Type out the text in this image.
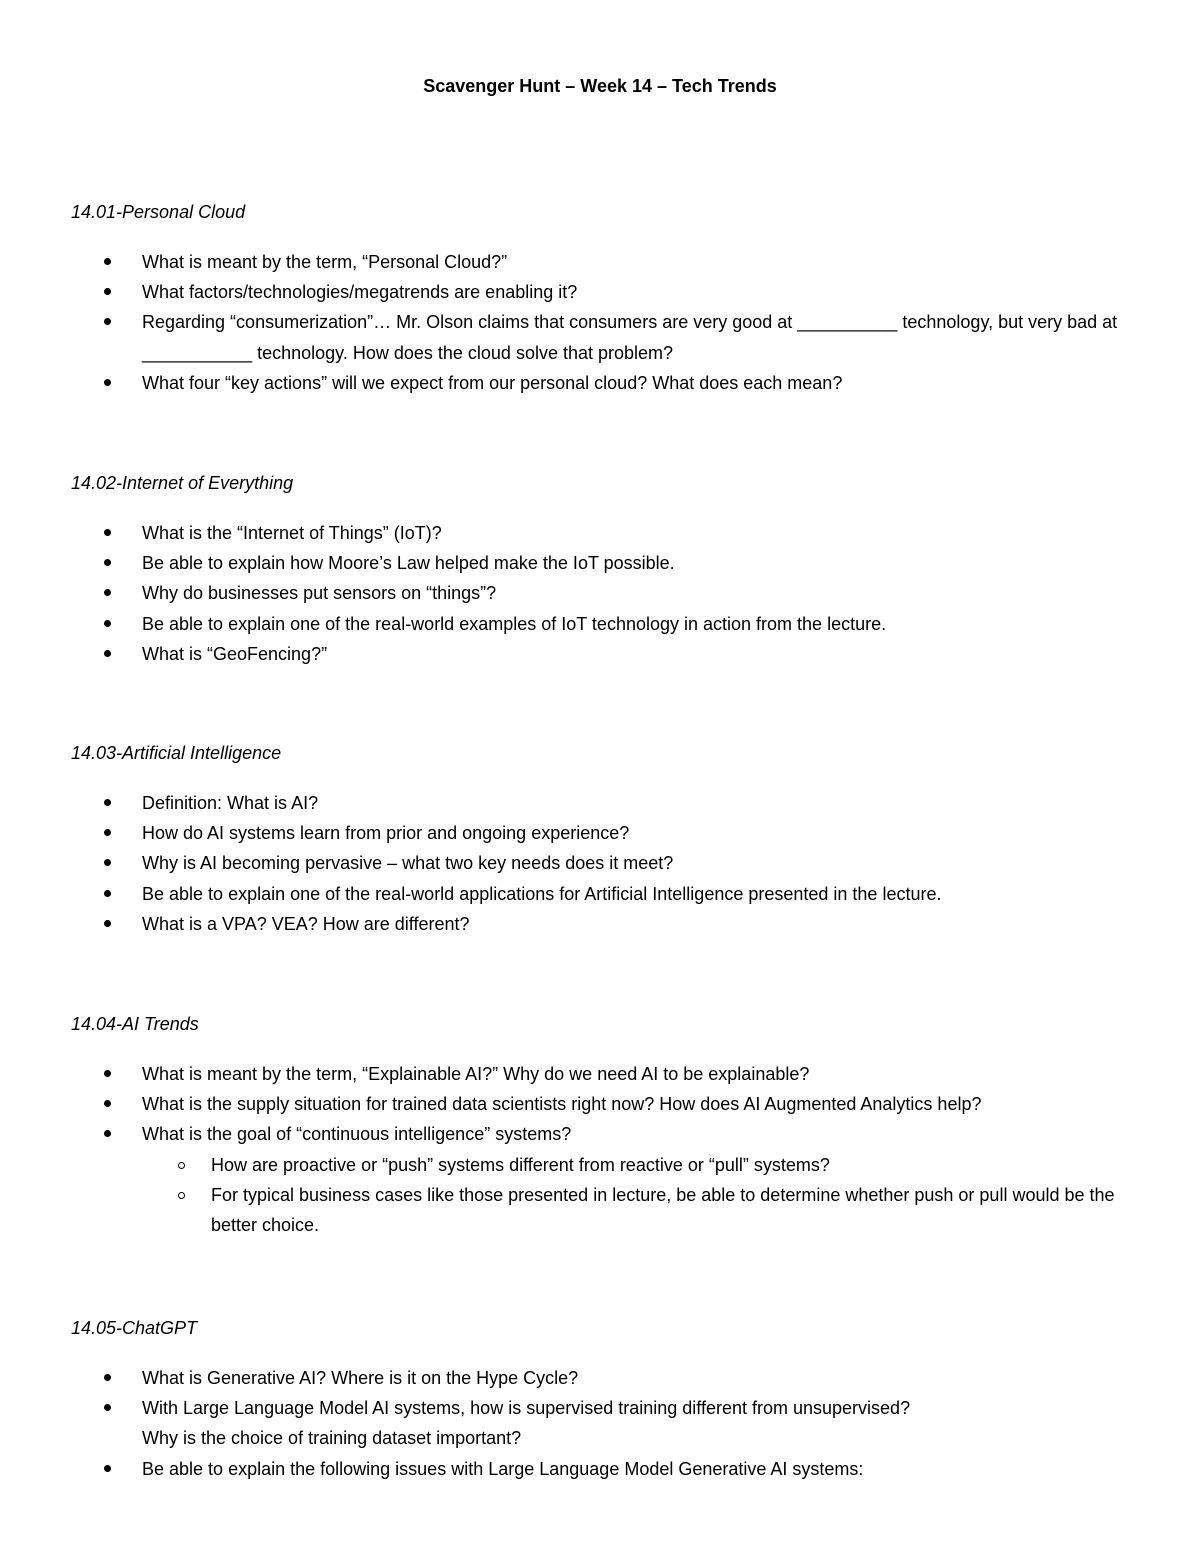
Scavenger Hunt – Week 14 – Tech Trends
14.01-Personal Cloud
What is meant by the term, “Personal Cloud?”
What factors/technologies/megatrends are enabling it?
Regarding “consumerization”… Mr. Olson claims that consumers are very good at __________ technology, but very bad at ___________ technology. How does the cloud solve that problem?
What four “key actions” will we expect from our personal cloud? What does each mean?
14.02-Internet of Everything
What is the “Internet of Things” (IoT)?
Be able to explain how Moore’s Law helped make the IoT possible.
Why do businesses put sensors on “things”?
Be able to explain one of the real-world examples of IoT technology in action from the lecture.
What is “GeoFencing?”
14.03-Artificial Intelligence
Definition: What is AI?
How do AI systems learn from prior and ongoing experience?
Why is AI becoming pervasive – what two key needs does it meet?
Be able to explain one of the real-world applications for Artificial Intelligence presented in the lecture.
What is a VPA? VEA? How are different?
14.04-AI Trends
What is meant by the term, “Explainable AI?” Why do we need AI to be explainable?
What is the supply situation for trained data scientists right now? How does AI Augmented Analytics help?
What is the goal of “continuous intelligence” systems?
How are proactive or “push” systems different from reactive or “pull” systems?
For typical business cases like those presented in lecture, be able to determine whether push or pull would be the better choice.
14.05-ChatGPT
What is Generative AI? Where is it on the Hype Cycle?
With Large Language Model AI systems, how is supervised training different from unsupervised?
Why is the choice of training dataset important?
Be able to explain the following issues with Large Language Model Generative AI systems:
